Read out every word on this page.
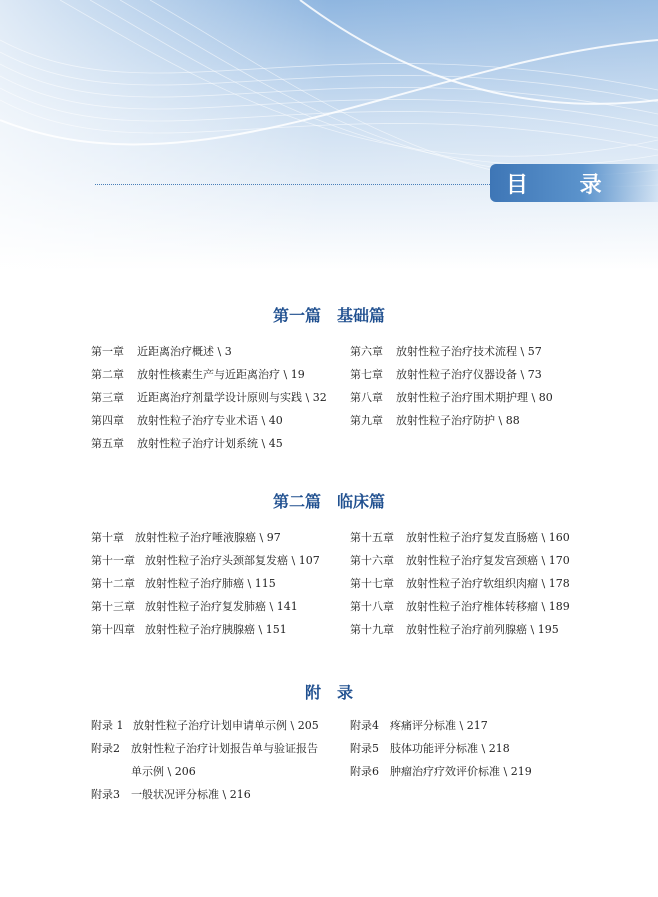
目 录
第一篇　基础篇
第一章 近距离治疗概述 \ 3
第二章 放射性核素生产与近距离治疗 \ 19
第三章 近距离治疗剂量学设计原则与实践 \ 32
第四章 放射性粒子治疗专业术语 \ 40
第五章 放射性粒子治疗计划系统 \ 45
第六章 放射性粒子治疗技术流程 \ 57
第七章 放射性粒子治疗仪器设备 \ 73
第八章 放射性粒子治疗围术期护理 \ 80
第九章 放射性粒子治疗防护 \ 88
第二篇　临床篇
第十章 放射性粒子治疗唾液腺癌 \ 97
第十一章 放射性粒子治疗头颈部复发癌 \ 107
第十二章 放射性粒子治疗肺癌 \ 115
第十三章 放射性粒子治疗复发肺癌 \ 141
第十四章 放射性粒子治疗胰腺癌 \ 151
第十五章 放射性粒子治疗复发直肠癌 \ 160
第十六章 放射性粒子治疗复发宫颈癌 \ 170
第十七章 放射性粒子治疗软组织肉瘤 \ 178
第十八章 放射性粒子治疗椎体转移瘤 \ 189
第十九章 放射性粒子治疗前列腺癌 \ 195
附　录
附录 1 放射性粒子治疗计划申请单示例 \ 205
附录2 放射性粒子治疗计划报告单与验证报告
单示例 \ 206
附录3 一般状况评分标准 \ 216
附录4 疼痛评分标准 \ 217
附录5 肢体功能评分标准 \ 218
附录6 肿瘤治疗疗效评价标准 \ 219
